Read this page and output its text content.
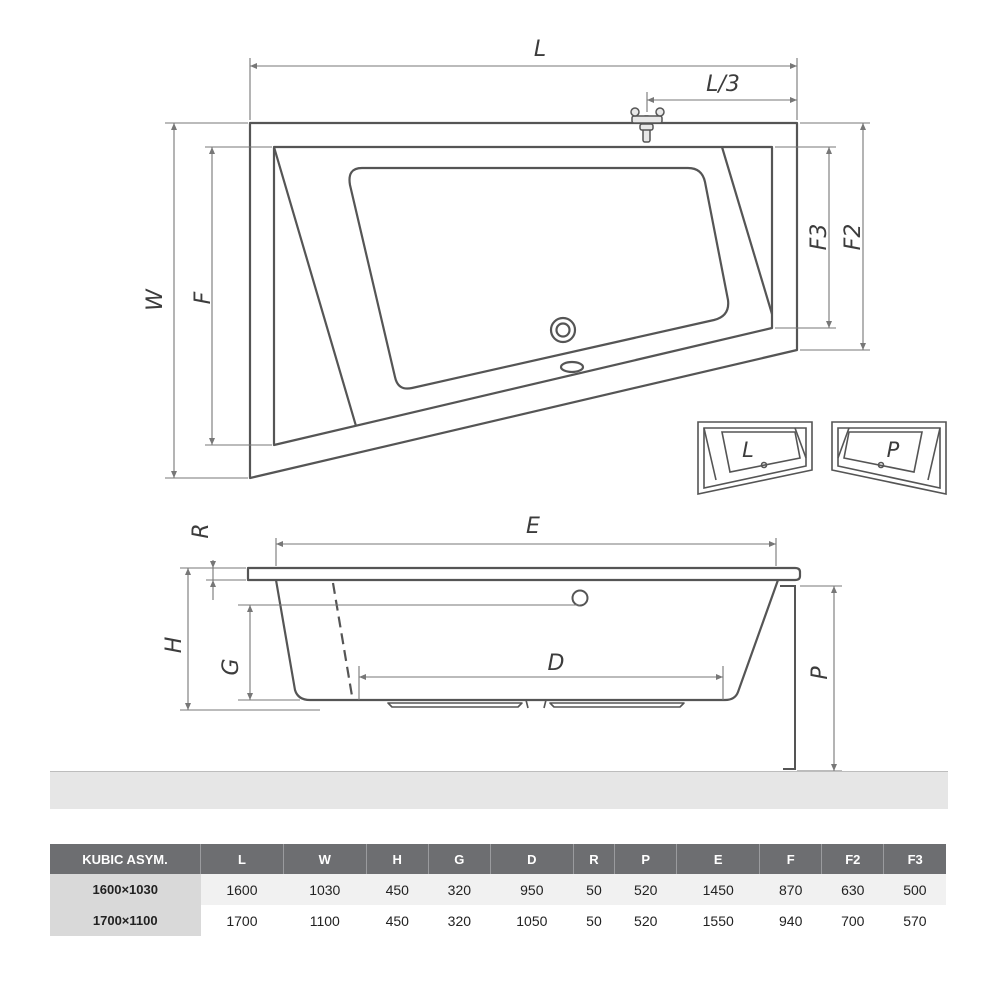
L
L/3
W F
F3 F2
L	P
E
R
H
G	D	P
KUBIC ASYM.	L	W	H	G	D	R	P	E	F	F2	F3
1600×1030	1600	1030	450	320	950	50	520	1450	870	630	500
1700×1100	1700	1100	450	320	1050	50	520	1550	940	700	570
